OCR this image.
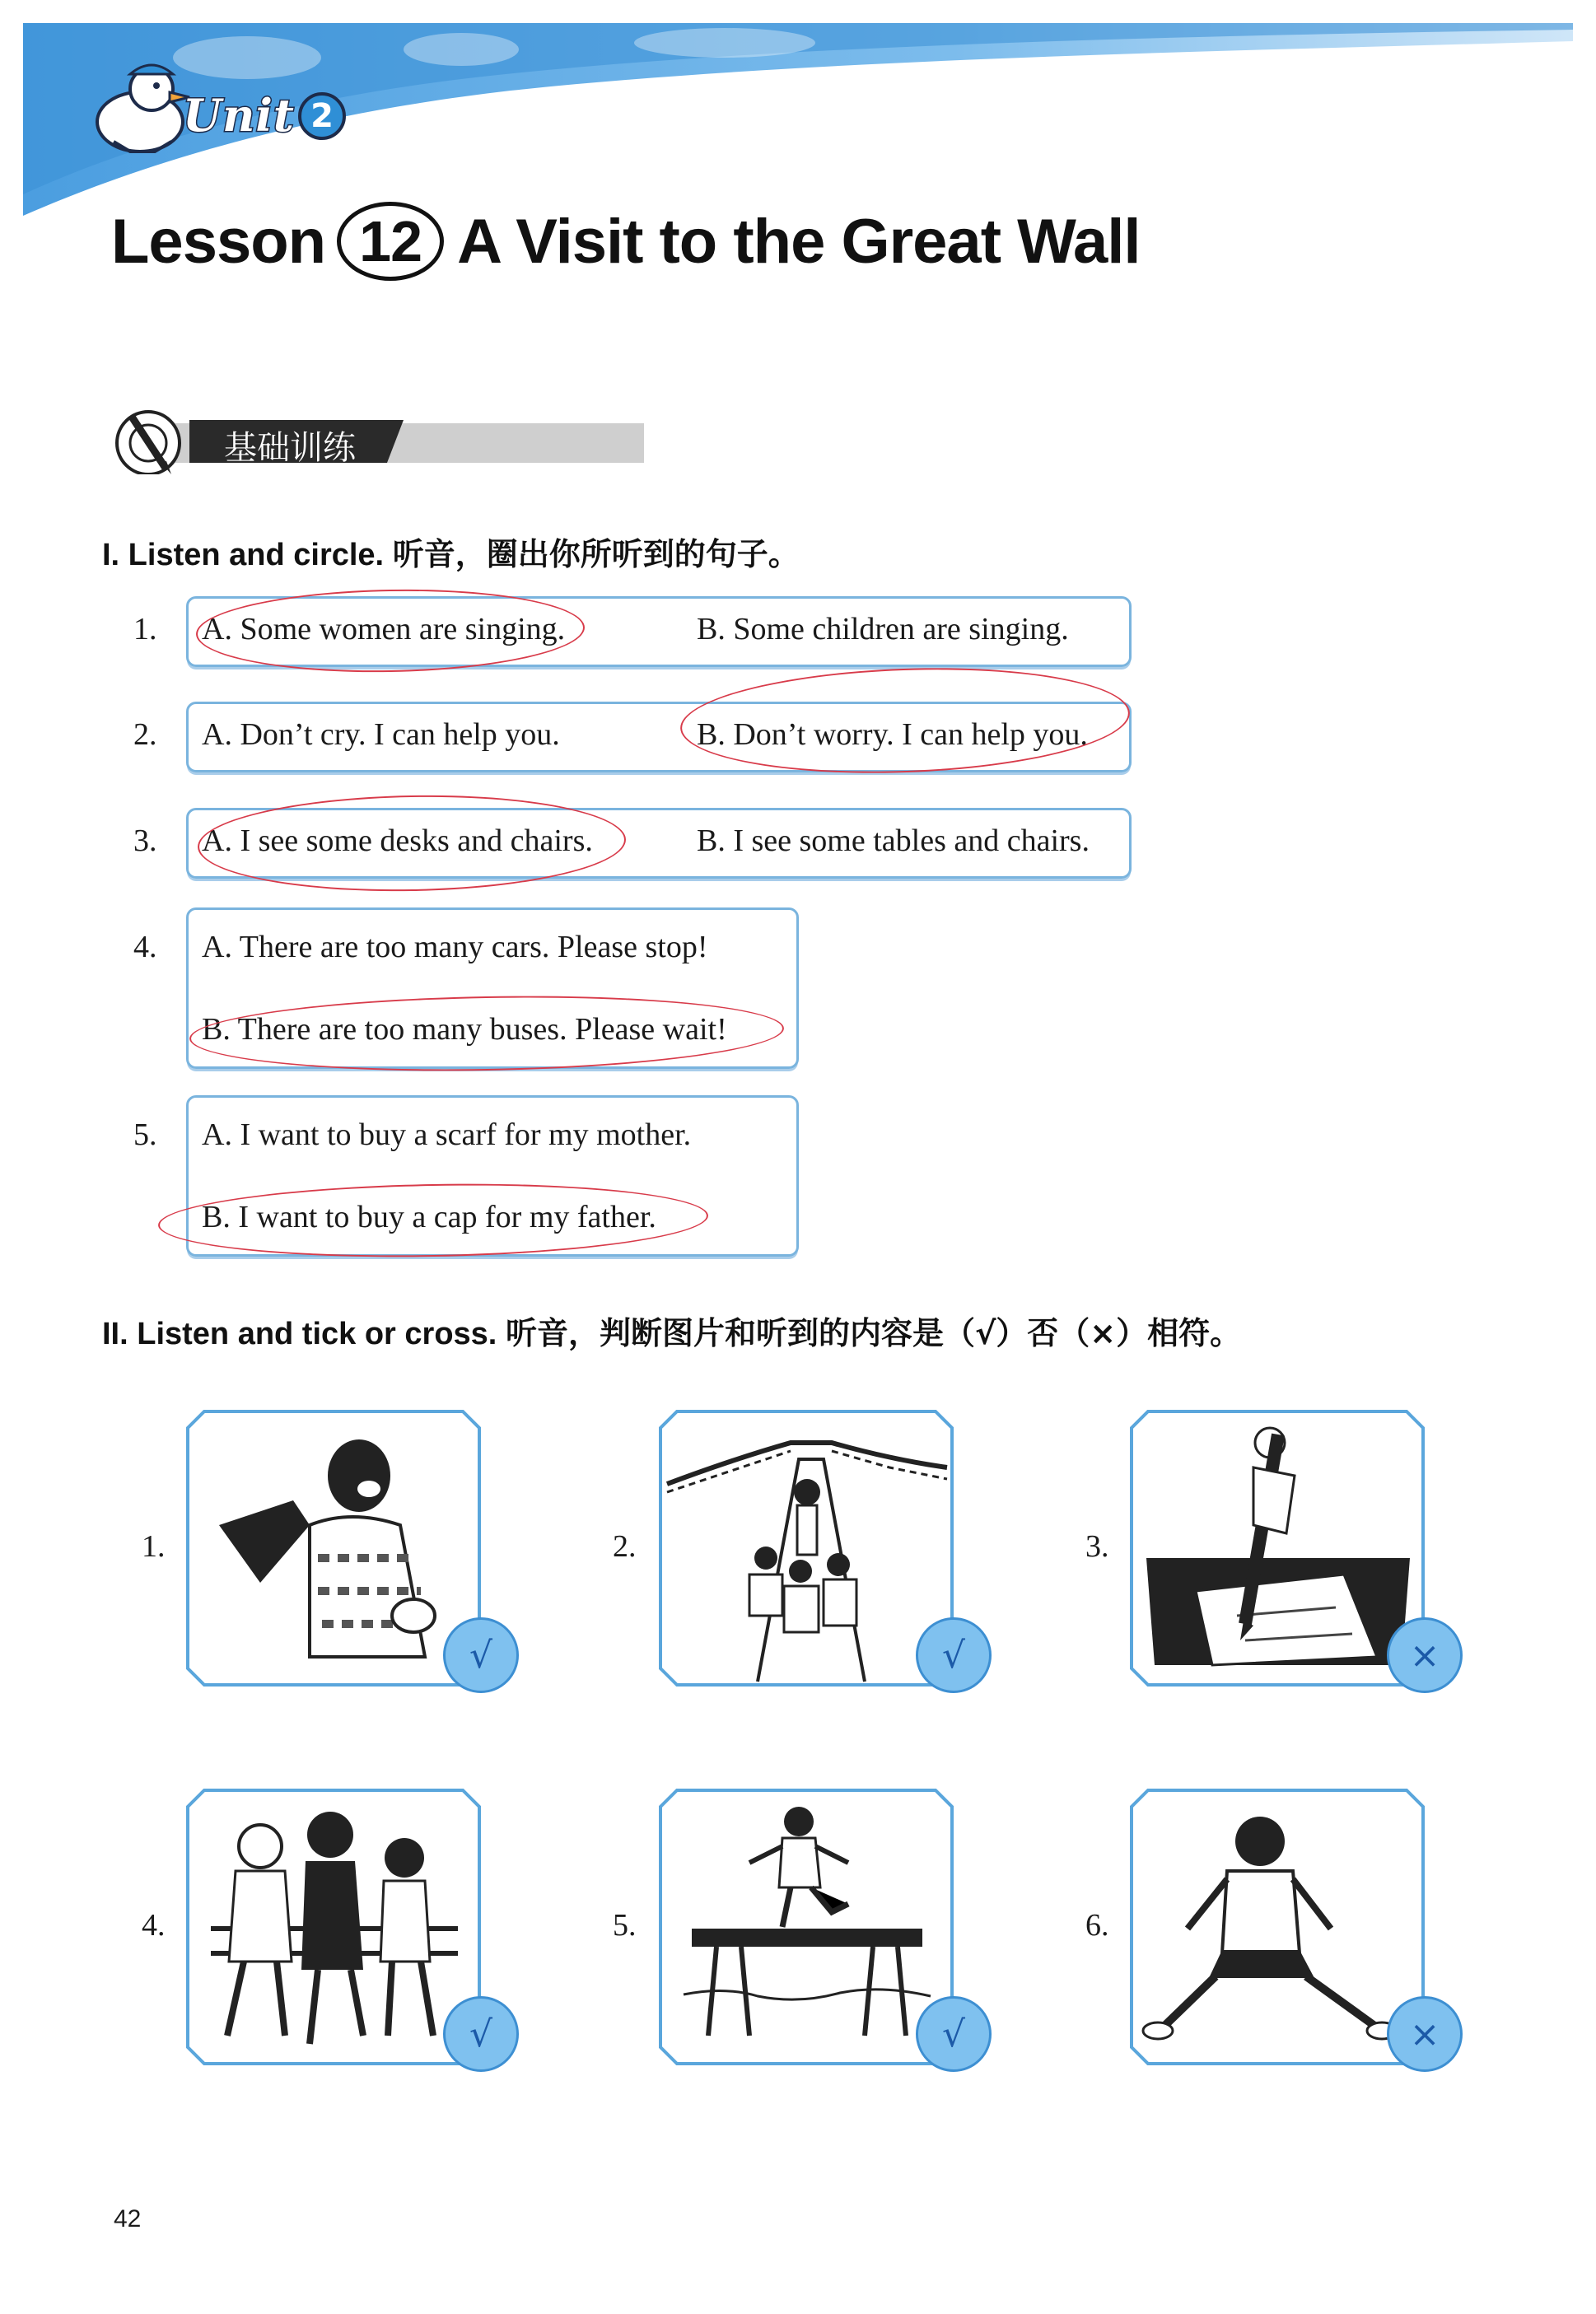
Unit 2
Lesson 12 A Visit to the Great Wall
基础训练
I. Listen and circle. 听音，圈出你所听到的句子。
1. A. Some women are singing.	B. Some children are singing.
2. A. Don’t cry. I can help you.	B. Don’t worry. I can help you.
3. A. I see some desks and chairs.	B. I see some tables and chairs.
4. A. There are too many cars. Please stop!
B. There are too many buses. Please wait!
5. A. I want to buy a scarf for my mother.
B. I want to buy a cap for my father.
II. Listen and tick or cross. 听音，判断图片和听到的内容是（√）否（×）相符。
1.
√
2.
√
3.
×
4.
√
5.
√
6.
×
42
